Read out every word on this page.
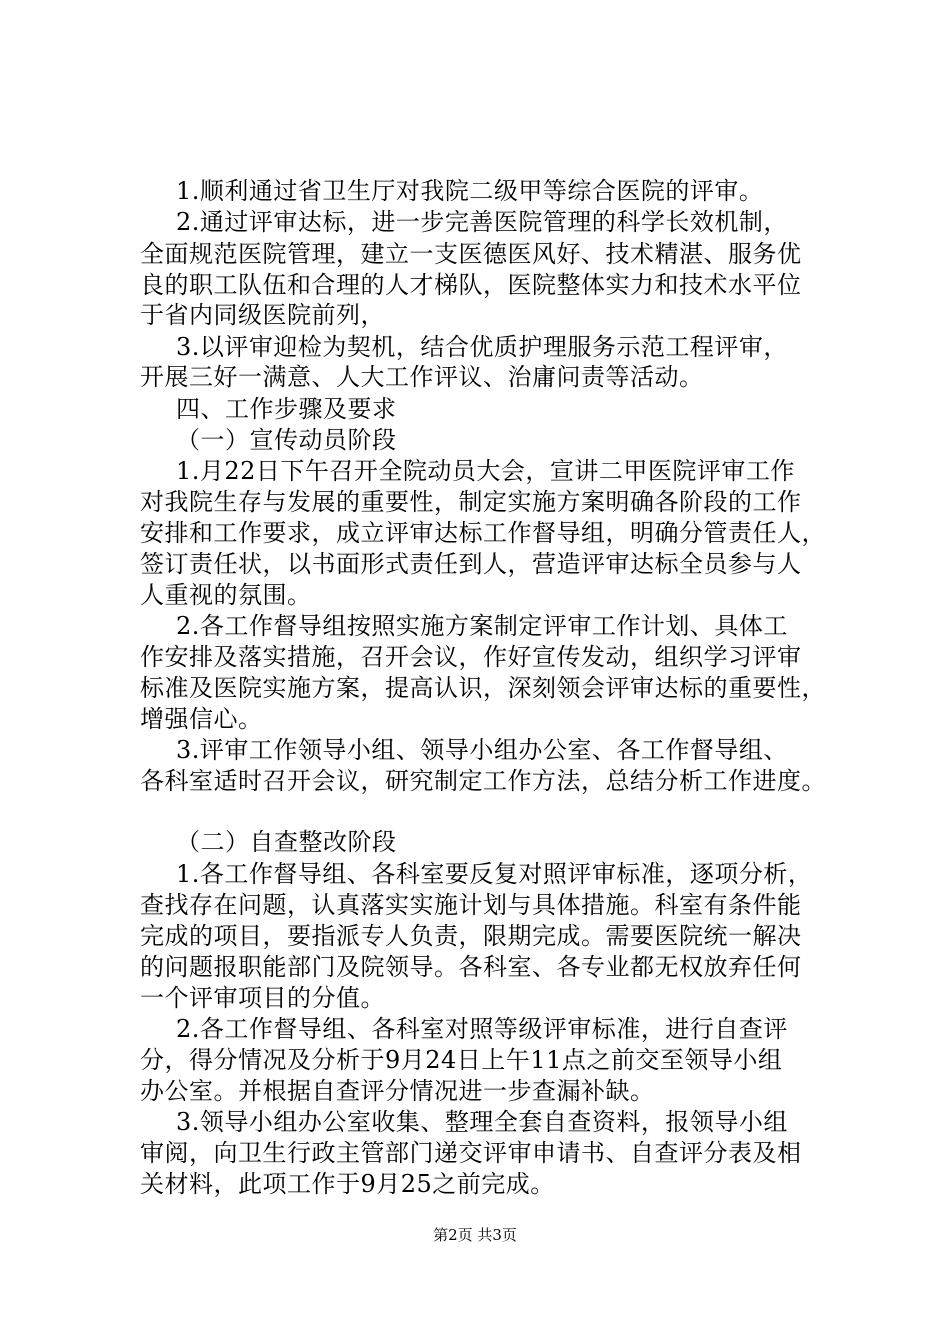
1.顺利通过省卫生厅对我院二级甲等综合医院的评审。
2.通过评审达标，进一步完善医院管理的科学长效机制，
全面规范医院管理，建立一支医德医风好、技术精湛、服务优
良的职工队伍和合理的人才梯队，医院整体实力和技术水平位
于省内同级医院前列，
3.以评审迎检为契机，结合优质护理服务示范工程评审，
开展三好一满意、人大工作评议、治庸问责等活动。
四、工作步骤及要求
（一）宣传动员阶段
1.月22日下午召开全院动员大会，宣讲二甲医院评审工作
对我院生存与发展的重要性，制定实施方案明确各阶段的工作
安排和工作要求，成立评审达标工作督导组，明确分管责任人，
签订责任状，以书面形式责任到人，营造评审达标全员参与人
人重视的氛围。
2.各工作督导组按照实施方案制定评审工作计划、具体工
作安排及落实措施，召开会议，作好宣传发动，组织学习评审
标准及医院实施方案，提高认识，深刻领会评审达标的重要性，
增强信心。
3.评审工作领导小组、领导小组办公室、各工作督导组、
各科室适时召开会议，研究制定工作方法，总结分析工作进度。
（二）自查整改阶段
1.各工作督导组、各科室要反复对照评审标准，逐项分析，
查找存在问题，认真落实实施计划与具体措施。科室有条件能
完成的项目，要指派专人负责，限期完成。需要医院统一解决
的问题报职能部门及院领导。各科室、各专业都无权放弃任何
一个评审项目的分值。
2.各工作督导组、各科室对照等级评审标准，进行自查评
分，得分情况及分析于9月24日上午11点之前交至领导小组
办公室。并根据自查评分情况进一步查漏补缺。
3.领导小组办公室收集、整理全套自查资料，报领导小组
审阅，向卫生行政主管部门递交评审申请书、自查评分表及相
关材料，此项工作于9月25之前完成。
第2页 共3页
